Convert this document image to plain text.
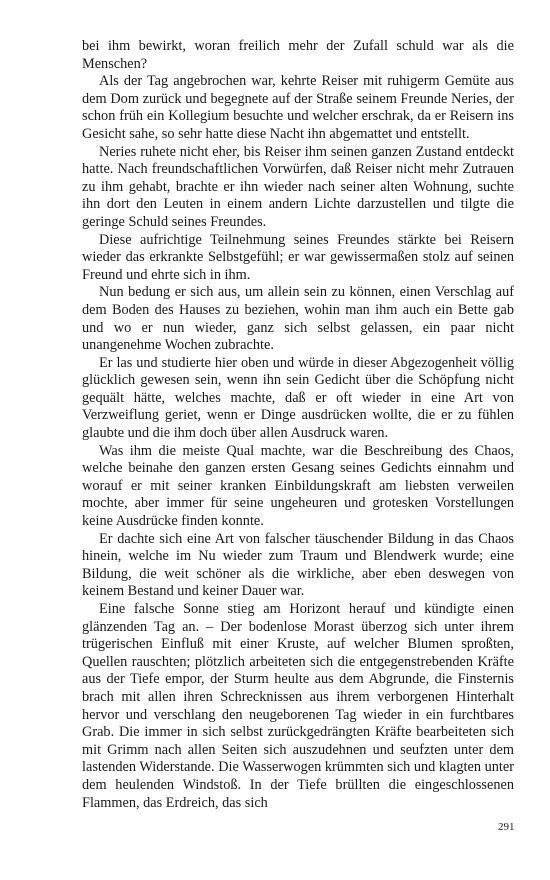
bei ihm bewirkt, woran freilich mehr der Zufall schuld war als die Menschen?

Als der Tag angebrochen war, kehrte Reiser mit ruhigerm Gemüte aus dem Dom zurück und begegnete auf der Straße seinem Freunde Neries, der schon früh ein Kollegium besuchte und welcher erschrak, da er Reisern ins Gesicht sahe, so sehr hatte diese Nacht ihn abgemattet und entstellt.

Neries ruhete nicht eher, bis Reiser ihm seinen ganzen Zustand entdeckt hatte. Nach freundschaftlichen Vorwürfen, daß Reiser nicht mehr Zutrauen zu ihm gehabt, brachte er ihn wieder nach seiner alten Wohnung, suchte ihn dort den Leuten in einem andern Lichte darzustellen und tilgte die geringe Schuld seines Freundes.

Diese aufrichtige Teilnehmung seines Freundes stärkte bei Reisern wieder das erkrankte Selbstgefühl; er war gewissermaßen stolz auf seinen Freund und ehrte sich in ihm.

Nun bedung er sich aus, um allein sein zu können, einen Verschlag auf dem Boden des Hauses zu beziehen, wohin man ihm auch ein Bette gab und wo er nun wieder, ganz sich selbst gelassen, ein paar nicht unangenehme Wochen zubrachte.

Er las und studierte hier oben und würde in dieser Abgezogenheit völlig glücklich gewesen sein, wenn ihn sein Gedicht über die Schöpfung nicht gequält hätte, welches machte, daß er oft wieder in eine Art von Verzweiflung geriet, wenn er Dinge ausdrücken wollte, die er zu fühlen glaubte und die ihm doch über allen Ausdruck waren.

Was ihm die meiste Qual machte, war die Beschreibung des Chaos, welche beinahe den ganzen ersten Gesang seines Gedichts einnahm und worauf er mit seiner kranken Einbildungskraft am liebsten verweilen mochte, aber immer für seine ungeheuren und grotesken Vorstellungen keine Ausdrücke finden konnte.

Er dachte sich eine Art von falscher täuschender Bildung in das Chaos hinein, welche im Nu wieder zum Traum und Blendwerk wurde; eine Bildung, die weit schöner als die wirkliche, aber eben deswegen von keinem Bestand und keiner Dauer war.

Eine falsche Sonne stieg am Horizont herauf und kündigte einen glänzenden Tag an. – Der bodenlose Morast überzog sich unter ihrem trügerischen Einfluß mit einer Kruste, auf welcher Blumen sproßten, Quellen rauschten; plötzlich arbeiteten sich die entgegenstrebenden Kräfte aus der Tiefe empor, der Sturm heulte aus dem Abgrunde, die Finsternis brach mit allen ihren Schrecknissen aus ihrem verborgenen Hinterhalt hervor und verschlang den neugeborenen Tag wieder in ein furchtbares Grab. Die immer in sich selbst zurückgedrängten Kräfte bearbeiteten sich mit Grimm nach allen Seiten sich auszudehnen und seufzten unter dem lastenden Widerstande. Die Wasserwogen krümmten sich und klagten unter dem heulenden Windstoß. In der Tiefe brüllten die eingeschlossenen Flammen, das Erdreich, das sich

291
